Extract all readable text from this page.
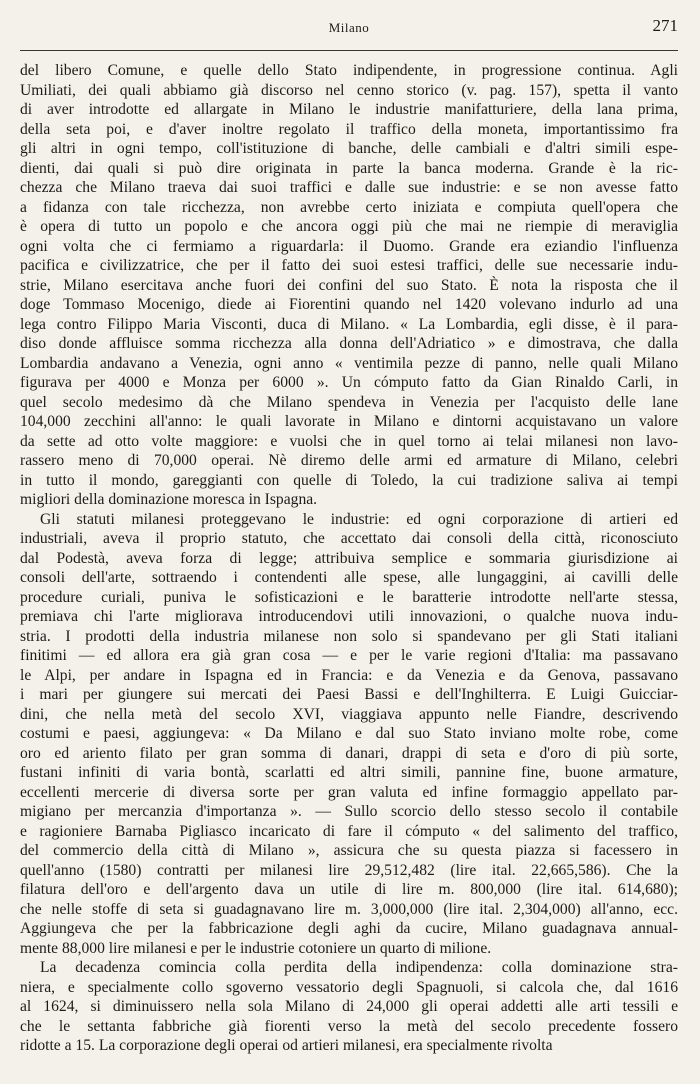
Milano	271
del libero Comune, e quelle dello Stato indipendente, in progressione continua. Agli
Umiliati, dei quali abbiamo già discorso nel cenno storico (v. pag. 157), spetta il vanto
di aver introdotte ed allargate in Milano le industrie manifatturiere, della lana prima,
della seta poi, e d'aver inoltre regolato il traffico della moneta, importantissimo fra
gli altri in ogni tempo, coll'istituzione di banche, delle cambiali e d'altri simili espe-
dienti, dai quali si può dire originata in parte la banca moderna. Grande è la ric-
chezza che Milano traeva dai suoi traffici e dalle sue industrie: e se non avesse fatto
a fidanza con tale ricchezza, non avrebbe certo iniziata e compiuta quell'opera che
è opera di tutto un popolo e che ancora oggi più che mai ne riempie di meraviglia
ogni volta che ci fermiamo a riguardarla: il Duomo. Grande era eziandio l'influenza
pacifica e civilizzatrice, che per il fatto dei suoi estesi traffici, delle sue necessarie indu-
strie, Milano esercitava anche fuori dei confini del suo Stato. È nota la risposta che il
doge Tommaso Mocenigo, diede ai Fiorentini quando nel 1420 volevano indurlo ad una
lega contro Filippo Maria Visconti, duca di Milano. « La Lombardia, egli disse, è il para-
diso donde affluisce somma ricchezza alla donna dell'Adriatico » e dimostrava, che dalla
Lombardia andavano a Venezia, ogni anno « ventimila pezze di panno, nelle quali Milano
figurava per 4000 e Monza per 6000 ». Un cómputo fatto da Gian Rinaldo Carli, in
quel secolo medesimo dà che Milano spendeva in Venezia per l'acquisto delle lane
104,000 zecchini all'anno: le quali lavorate in Milano e dintorni acquistavano un valore
da sette ad otto volte maggiore: e vuolsi che in quel torno ai telai milanesi non lavo-
rassero meno di 70,000 operai. Nè diremo delle armi ed armature di Milano, celebri
in tutto il mondo, gareggianti con quelle di Toledo, la cui tradizione saliva ai tempi
migliori della dominazione moresca in Ispagna.
Gli statuti milanesi proteggevano le industrie: ed ogni corporazione di artieri ed
industriali, aveva il proprio statuto, che accettato dai consoli della città, riconosciuto
dal Podestà, aveva forza di legge; attribuiva semplice e sommaria giurisdizione ai
consoli dell'arte, sottraendo i contendenti alle spese, alle lungaggini, ai cavilli delle
procedure curiali, puniva le sofisticazioni e le baratterie introdotte nell'arte stessa,
premiava chi l'arte migliorava introducendovi utili innovazioni, o qualche nuova indu-
stria. I prodotti della industria milanese non solo si spandevano per gli Stati italiani
finitimi — ed allora era già gran cosa — e per le varie regioni d'Italia: ma passavano
le Alpi, per andare in Ispagna ed in Francia: e da Venezia e da Genova, passavano
i mari per giungere sui mercati dei Paesi Bassi e dell'Inghilterra. E Luigi Guicciar-
dini, che nella metà del secolo XVI, viaggiava appunto nelle Fiandre, descrivendo
costumi e paesi, aggiungeva: « Da Milano e dal suo Stato inviano molte robe, come
oro ed ariento filato per gran somma di danari, drappi di seta e d'oro di più sorte,
fustani infiniti di varia bontà, scarlatti ed altri simili, pannine fine, buone armature,
eccellenti mercerie di diversa sorte per gran valuta ed infine formaggio appellato par-
migiano per mercanzia d'importanza ». — Sullo scorcio dello stesso secolo il contabile
e ragioniere Barnaba Pigliasco incaricato di fare il cómputo « del salimento del traffico,
del commercio della città di Milano », assicura che su questa piazza si facessero in
quell'anno (1580) contratti per milanesi lire 29,512,482 (lire ital. 22,665,586). Che la
filatura dell'oro e dell'argento dava un utile di lire m. 800,000 (lire ital. 614,680);
che nelle stoffe di seta si guadagnavano lire m. 3,000,000 (lire ital. 2,304,000) all'anno, ecc.
Aggiungeva che per la fabbricazione degli aghi da cucire, Milano guadagnava annual-
mente 88,000 lire milanesi e per le industrie cotoniere un quarto di milione.
La decadenza comincia colla perdita della indipendenza: colla dominazione stra-
niera, e specialmente collo sgoverno vessatorio degli Spagnuoli, si calcola che, dal 1616
al 1624, si diminuissero nella sola Milano di 24,000 gli operai addetti alle arti tessili e
che le settanta fabbriche già fiorenti verso la metà del secolo precedente fossero
ridotte a 15. La corporazione degli operai od artieri milanesi, era specialmente rivolta
